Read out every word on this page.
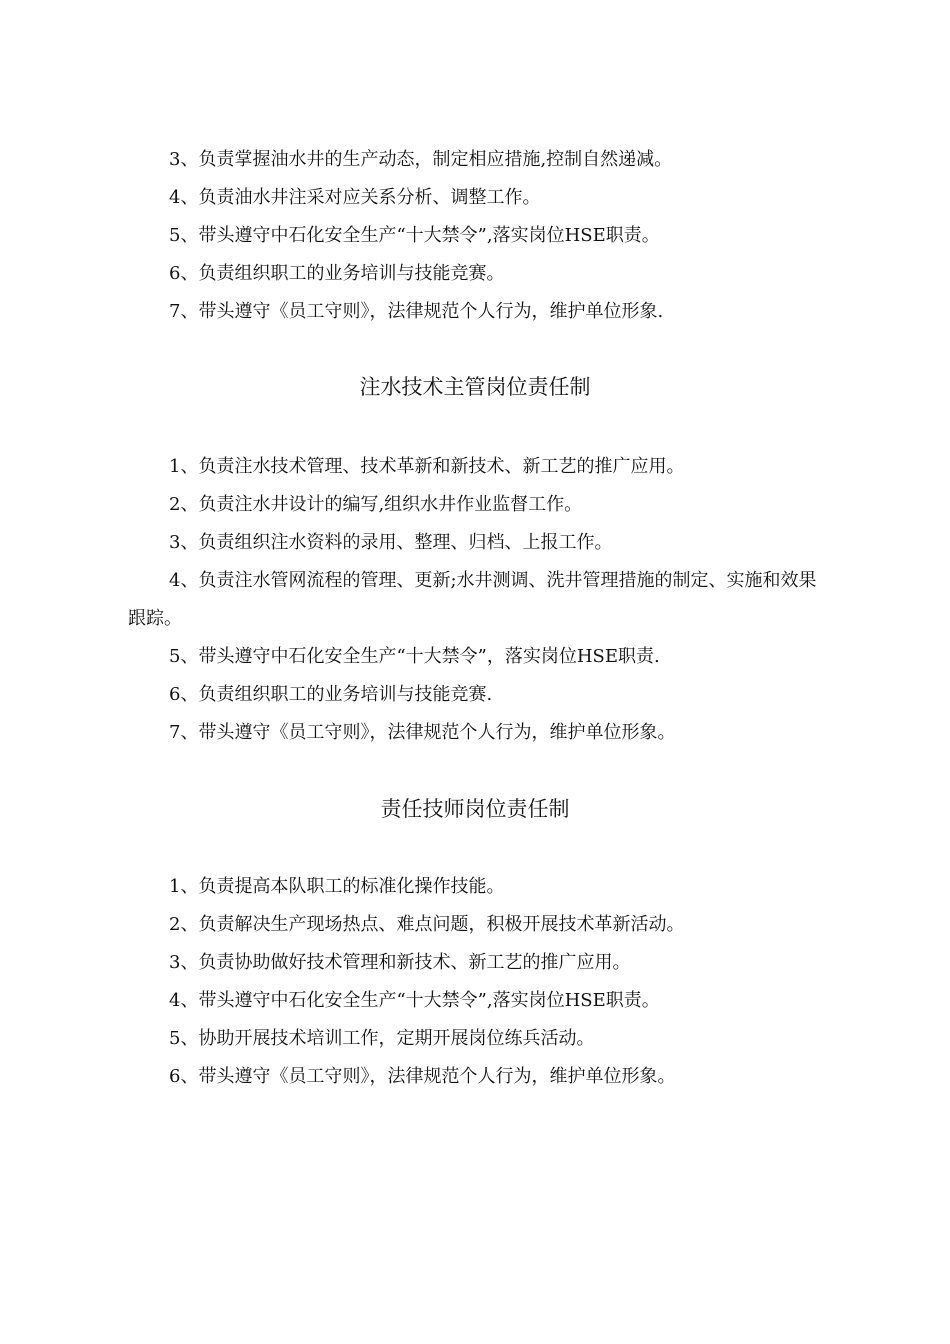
3、负责掌握油水井的生产动态，制定相应措施,控制自然递减。

4、负责油水井注采对应关系分析、调整工作。

5、带头遵守中石化安全生产“十大禁令”,落实岗位HSE职责。

6、负责组织职工的业务培训与技能竞赛。

7、带头遵守《员工守则》，法律规范个人行为，维护单位形象.

注水技术主管岗位责任制

1、负责注水技术管理、技术革新和新技术、新工艺的推广应用。

2、负责注水井设计的编写,组织水井作业监督工作。

3、负责组织注水资料的录用、整理、归档、上报工作。

4、负责注水管网流程的管理、更新;水井测调、洗井管理措施的制定、实施和效果跟踪。

5、带头遵守中石化安全生产“十大禁令”，落实岗位HSE职责.

6、负责组织职工的业务培训与技能竞赛.

7、带头遵守《员工守则》，法律规范个人行为，维护单位形象。

责任技师岗位责任制

1、负责提高本队职工的标准化操作技能。

2、负责解决生产现场热点、难点问题，积极开展技术革新活动。

3、负责协助做好技术管理和新技术、新工艺的推广应用。

4、带头遵守中石化安全生产“十大禁令”,落实岗位HSE职责。

5、协助开展技术培训工作，定期开展岗位练兵活动。

6、带头遵守《员工守则》，法律规范个人行为，维护单位形象。
